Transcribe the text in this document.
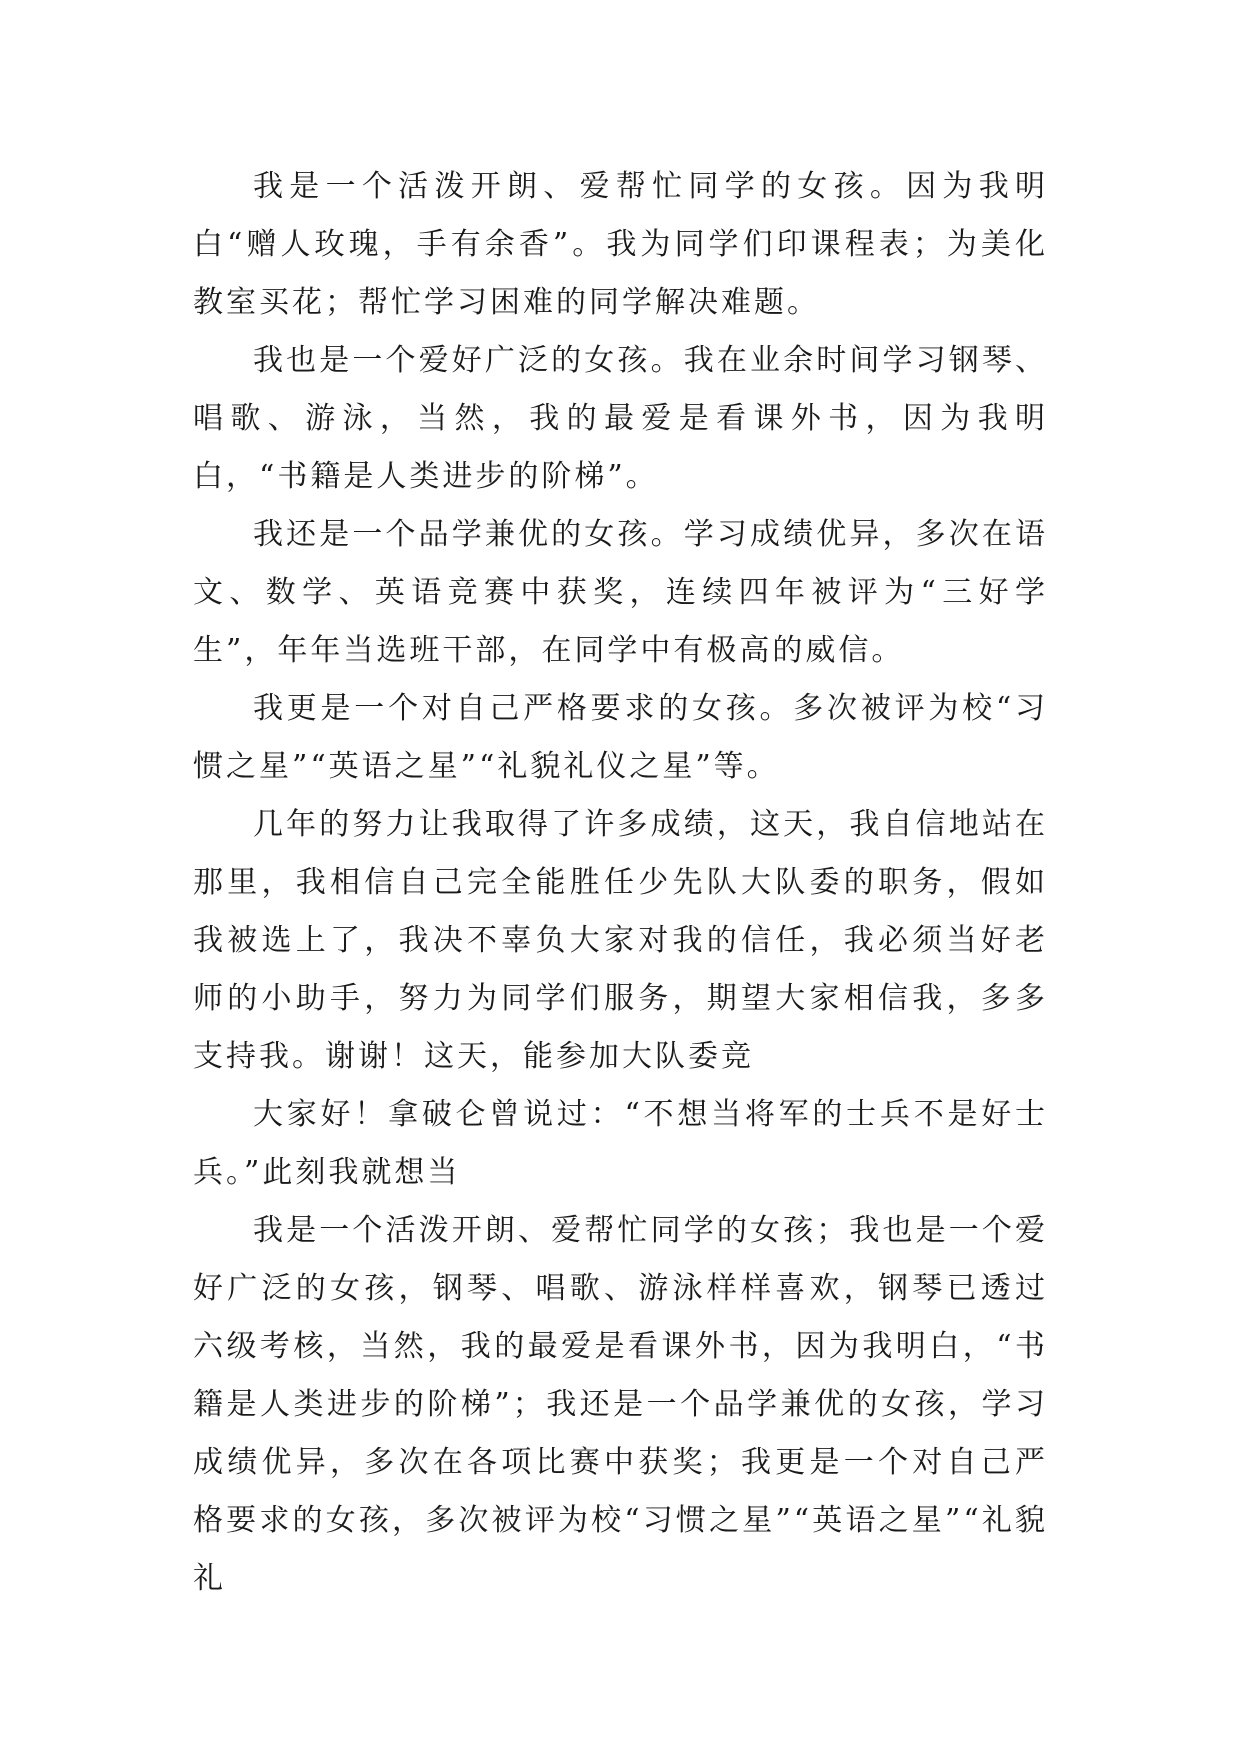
我是一个活泼开朗、爱帮忙同学的女孩。因为我明白“赠人玫瑰，手有余香”。我为同学们印课程表；为美化教室买花；帮忙学习困难的同学解决难题。

我也是一个爱好广泛的女孩。我在业余时间学习钢琴、唱歌、游泳，当然，我的最爱是看课外书，因为我明白，“书籍是人类进步的阶梯”。

我还是一个品学兼优的女孩。学习成绩优异，多次在语文、数学、英语竞赛中获奖，连续四年被评为“三好学生”，年年当选班干部，在同学中有极高的威信。

我更是一个对自己严格要求的女孩。多次被评为校“习惯之星”“英语之星”“礼貌礼仪之星”等。

几年的努力让我取得了许多成绩，这天，我自信地站在那里，我相信自己完全能胜任少先队大队委的职务，假如我被选上了，我决不辜负大家对我的信任，我必须当好老师的小助手，努力为同学们服务，期望大家相信我，多多支持我。谢谢！这天，能参加大队委竞

大家好！拿破仑曾说过：“不想当将军的士兵不是好士兵。”此刻我就想当

我是一个活泼开朗、爱帮忙同学的女孩；我也是一个爱好广泛的女孩，钢琴、唱歌、游泳样样喜欢，钢琴已透过六级考核，当然，我的最爱是看课外书，因为我明白，“书籍是人类进步的阶梯”；我还是一个品学兼优的女孩，学习成绩优异，多次在各项比赛中获奖；我更是一个对自己严格要求的女孩，多次被评为校“习惯之星”“英语之星”“礼貌礼
